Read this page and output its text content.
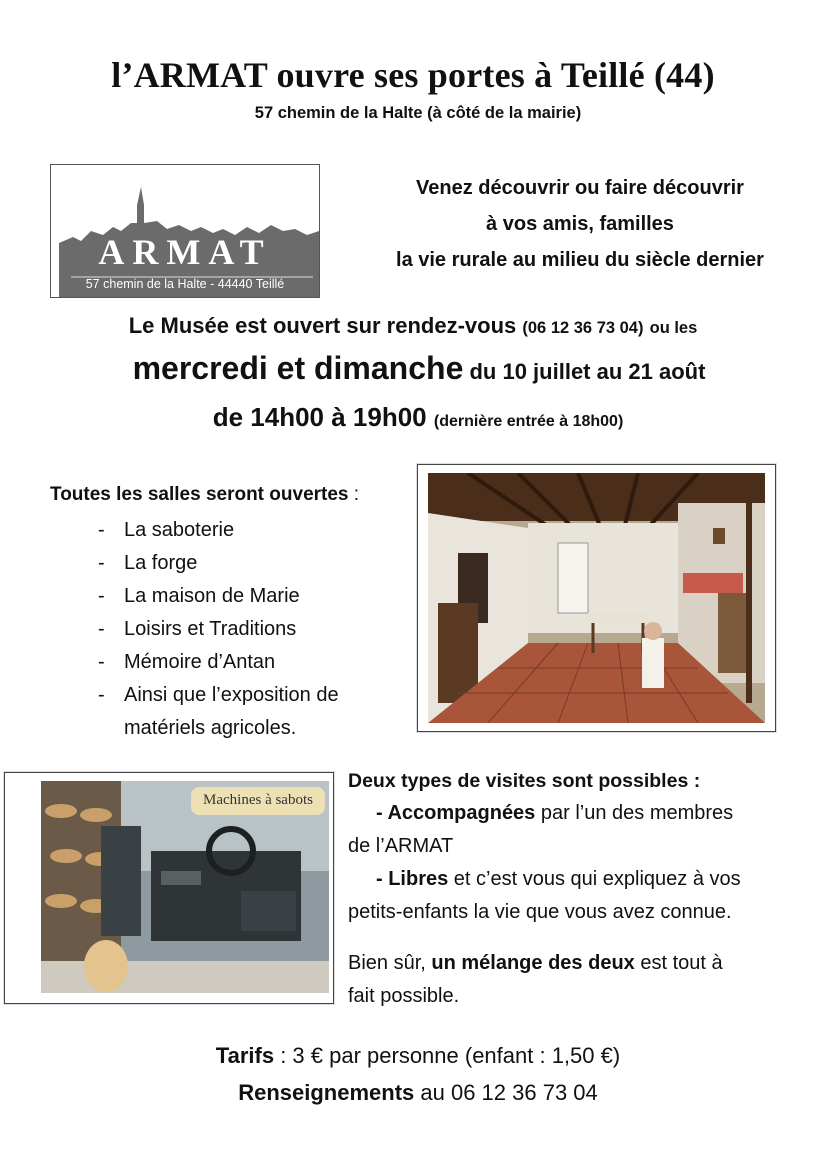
l’ARMAT ouvre ses portes à Teillé (44)
57 chemin de la Halte (à côté de la mairie)
ARMAT
57 chemin de la Halte - 44440 Teillé
Venez découvrir ou faire découvrir
à vos amis, familles
la vie rurale au milieu du siècle dernier
Le Musée est ouvert sur rendez-vous (06 12 36 73 04) ou les
mercredi et dimanche du 10 juillet au 21 août
de 14h00 à 19h00 (dernière entrée à 18h00)
Toutes les salles seront ouvertes :
- La saboterie
- La forge
- La maison de Marie
- Loisirs et Traditions
- Mémoire d’Antan
- Ainsi que l’exposition de
matériels agricoles.
Machines à sabots
Deux types de visites sont possibles :

- Accompagnées par l’un des membres

de l’ARMAT

- Libres et c’est vous qui expliquez à vos

petits-enfants la vie que vous avez connue.

Bien sûr, un mélange des deux est tout à
fait possible.
Tarifs : 3 € par personne (enfant : 1,50 €)
Renseignements au 06 12 36 73 04
